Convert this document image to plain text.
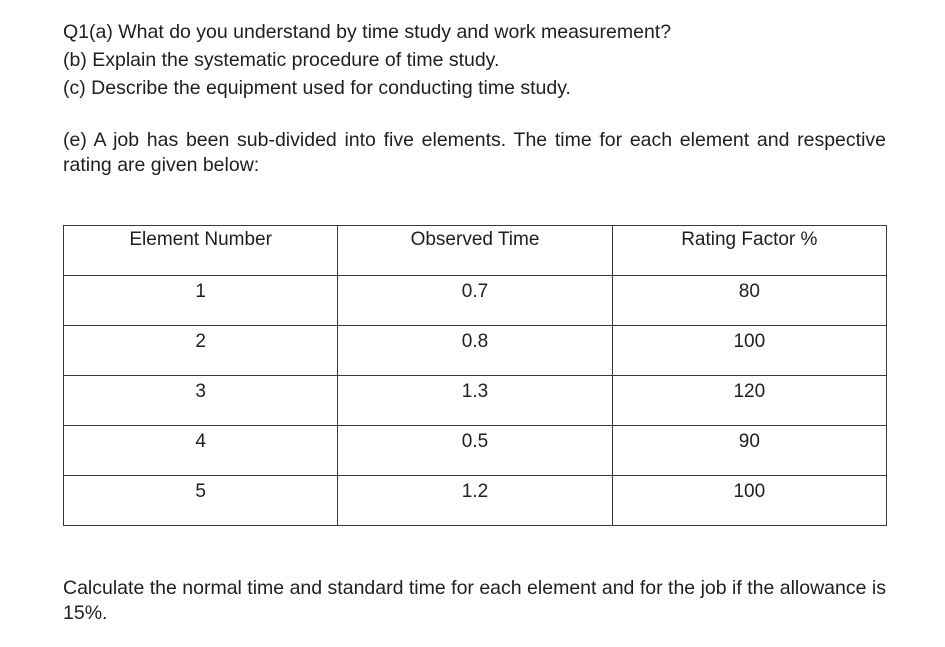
Q1(a) What do you understand by time study and work measurement?
(b) Explain the systematic procedure of time study.
(c) Describe the equipment used for conducting time study.
(e) A job has been sub-divided into five elements. The time for each element and respective rating are given below:
Element Number	Observed Time	Rating Factor %
1	0.7	80
2	0.8	100
3	1.3	120
4	0.5	90
5	1.2	100
Calculate the normal time and standard time for each element and for the job if the allowance is 15%.
